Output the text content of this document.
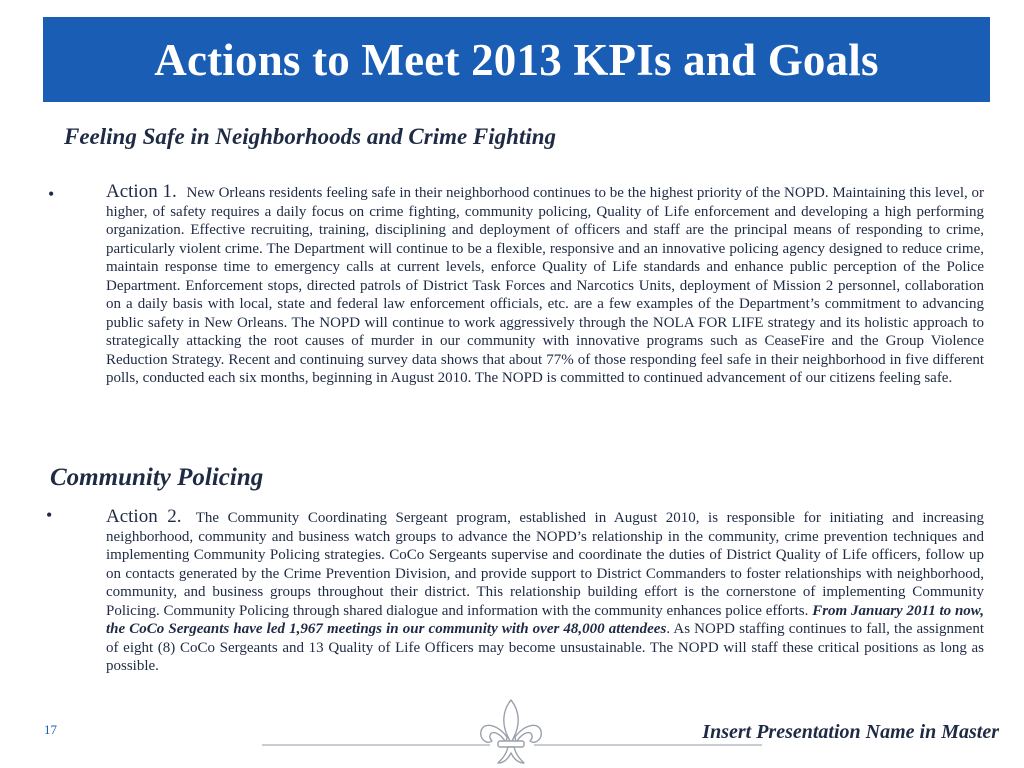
Actions to Meet 2013 KPIs and Goals
Feeling Safe in Neighborhoods and Crime Fighting
•	Action 1. New Orleans residents feeling safe in their neighborhood continues to be the highest priority of the NOPD. Maintaining this level, or higher, of safety requires a daily focus on crime fighting, community policing, Quality of Life enforcement and developing a high performing organization. Effective recruiting, training, disciplining and deployment of officers and staff are the principal means of responding to crime, particularly violent crime. The Department will continue to be a flexible, responsive and an innovative policing agency designed to reduce crime, maintain response time to emergency calls at current levels, enforce Quality of Life standards and enhance public perception of the Police Department. Enforcement stops, directed patrols of District Task Forces and Narcotics Units, deployment of Mission 2 personnel, collaboration on a daily basis with local, state and federal law enforcement officials, etc. are a few examples of the Department’s commitment to advancing public safety in New Orleans. The NOPD will continue to work aggressively through the NOLA FOR LIFE strategy and its holistic approach to strategically attacking the root causes of murder in our community with innovative programs such as CeaseFire and the Group Violence Reduction Strategy. Recent and continuing survey data shows that about 77% of those responding feel safe in their neighborhood in five different polls, conducted each six months, beginning in August 2010. The NOPD is committed to continued advancement of our citizens feeling safe.
Community Policing
•	Action 2. The Community Coordinating Sergeant program, established in August 2010, is responsible for initiating and increasing neighborhood, community and business watch groups to advance the NOPD’s relationship in the community, crime prevention techniques and implementing Community Policing strategies. CoCo Sergeants supervise and coordinate the duties of District Quality of Life officers, follow up on contacts generated by the Crime Prevention Division, and provide support to District Commanders to foster relationships with neighborhood, community, and business groups throughout their district. This relationship building effort is the cornerstone of implementing Community Policing. Community Policing through shared dialogue and information with the community enhances police efforts. From January 2011 to now, the CoCo Sergeants have led 1,967 meetings in our community with over 48,000 attendees. As NOPD staffing continues to fall, the assignment of eight (8) CoCo Sergeants and 13 Quality of Life Officers may become unsustainable. The NOPD will staff these critical positions as long as possible.
17	Insert Presentation Name in Master
